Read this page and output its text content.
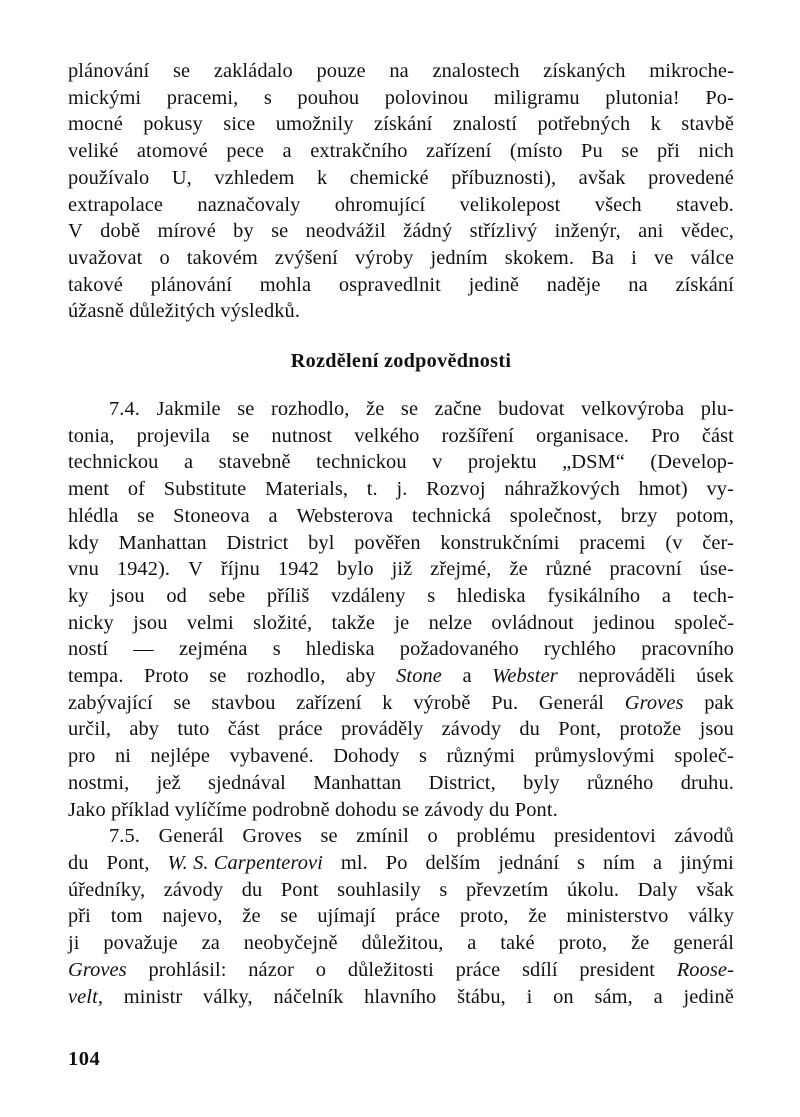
plánování se zakládalo pouze na znalostech získaných mikroche-
mickými pracemi, s pouhou polovinou miligramu plutonia! Po-
mocné pokusy sice umožnily získání znalostí potřebných k stavbě
veliké atomové pece a extrakčního zařízení (místo Pu se při nich
používalo U, vzhledem k chemické příbuznosti), avšak provedené
extrapolace naznačovaly ohromující velikolepost všech staveb.
V době mírové by se neodvážil žádný střízlivý inženýr, ani vědec,
uvažovat o takovém zvýšení výroby jedním skokem. Ba i ve válce
takové plánování mohla ospravedlnit jedině naděje na získání
úžasně důležitých výsledků.
Rozdělení zodpovědnosti
7.4. Jakmile se rozhodlo, že se začne budovat velkovýroba plu-
tonia, projevila se nutnost velkého rozšíření organisace. Pro část
technickou a stavebně technickou v projektu „DSM“ (Develop-
ment of Substitute Materials, t. j. Rozvoj náhražkových hmot) vy-
hlédla se Stoneova a Websterova technická společnost, brzy potom,
kdy Manhattan District byl pověřen konstrukčními pracemi (v čer-
vnu 1942). V říjnu 1942 bylo již zřejmé, že různé pracovní úse-
ky jsou od sebe příliš vzdáleny s hlediska fysikálního a tech-
nicky jsou velmi složité, takže je nelze ovládnout jedinou společ-
ností — zejména s hlediska požadovaného rychlého pracovního
tempa. Proto se rozhodlo, aby Stone a Webster neprováděli úsek
zabývající se stavbou zařízení k výrobě Pu. Generál Groves pak
určil, aby tuto část práce prováděly závody du Pont, protože jsou
pro ni nejlépe vybavené. Dohody s různými průmyslovými společ-
nostmi, jež sjednával Manhattan District, byly různého druhu.
Jako příklad vylíčíme podrobně dohodu se závody du Pont.
7.5. Generál Groves se zmínil o problému presidentovi závodů
du Pont, W. S. Carpenterovi ml. Po delším jednání s ním a jinými
úředníky, závody du Pont souhlasily s převzetím úkolu. Daly však
při tom najevo, že se ujímají práce proto, že ministerstvo války
ji považuje za neobyčejně důležitou, a také proto, že generál
Groves prohlásil: názor o důležitosti práce sdílí president Roose-
velt, ministr války, náčelník hlavního štábu, i on sám, a jedině
104
